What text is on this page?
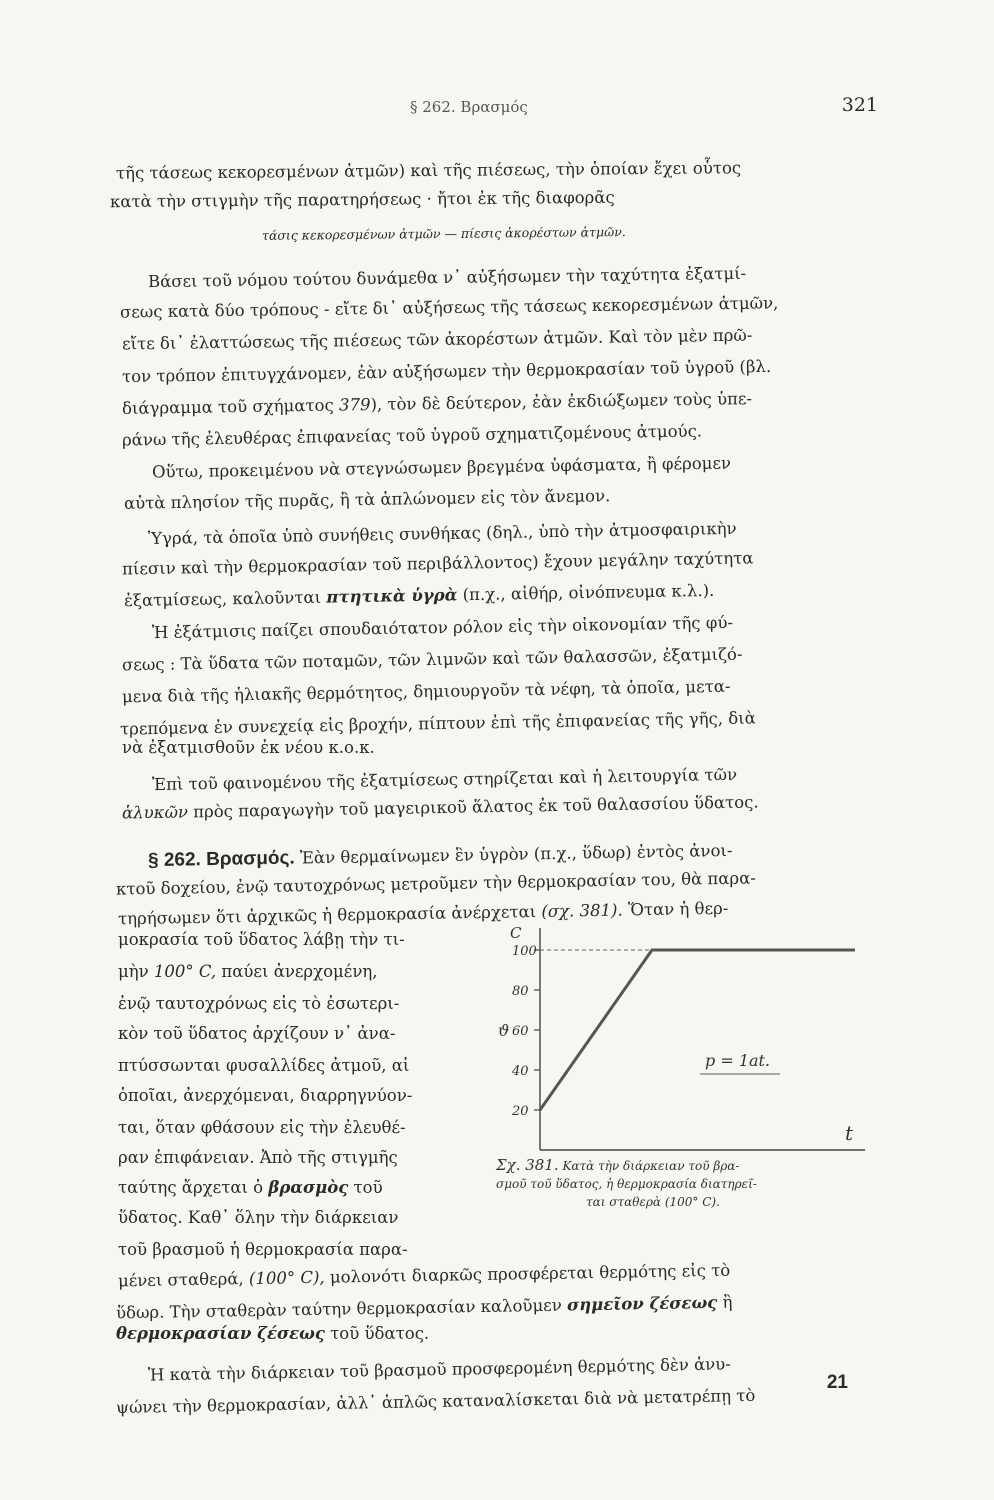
§ 262. Βρασμός	321
τῆς τάσεως κεκορεσμένων ἀτμῶν) καὶ τῆς πιέσεως, τὴν ὁποίαν ἔχει οὗτος
κατὰ τὴν στιγμὴν τῆς παρατηρήσεως · ἤτοι ἐκ τῆς διαφορᾶς
τάσις κεκορεσμένων ἀτμῶν — πίεσις ἀκορέστων ἀτμῶν.
Βάσει τοῦ νόμου τούτου δυνάμεθα ν᾽ αὐξήσωμεν τὴν ταχύτητα ἐξατμί-
σεως κατὰ δύο τρόπους - εἴτε δι᾽ αὐξήσεως τῆς τάσεως κεκορεσμένων ἀτμῶν,
εἴτε δι᾽ ἐλαττώσεως τῆς πιέσεως τῶν ἀκορέστων ἀτμῶν. Καὶ τὸν μὲν πρῶ-
τον τρόπον ἐπιτυγχάνομεν, ἐὰν αὐξήσωμεν τὴν θερμοκρασίαν τοῦ ὑγροῦ (βλ.
διάγραμμα τοῦ σχήματος 379), τὸν δὲ δεύτερον, ἐὰν ἐκδιώξωμεν τοὺς ὑπε-
ράνω τῆς ἐλευθέρας ἐπιφανείας τοῦ ὑγροῦ σχηματιζομένους ἀτμούς.
Οὕτω, προκειμένου νὰ στεγνώσωμεν βρεγμένα ὑφάσματα, ἢ φέρομεν
αὐτὰ πλησίον τῆς πυρᾶς, ἢ τὰ ἁπλώνομεν εἰς τὸν ἄνεμον.
Ὑγρά, τὰ ὁποῖα ὑπὸ συνήθεις συνθήκας (δηλ., ὑπὸ τὴν ἀτμοσφαιρικὴν
πίεσιν καὶ τὴν θερμοκρασίαν τοῦ περιβάλλοντος) ἔχουν μεγάλην ταχύτητα
ἐξατμίσεως, καλοῦνται πτητικὰ ὑγρὰ (π.χ., αἰθήρ, οἰνόπνευμα κ.λ.).
Ἡ ἐξάτμισις παίζει σπουδαιότατον ρόλον εἰς τὴν οἰκονομίαν τῆς φύ-
σεως : Τὰ ὕδατα τῶν ποταμῶν, τῶν λιμνῶν καὶ τῶν θαλασσῶν, ἐξατμιζό-
μενα διὰ τῆς ἡλιακῆς θερμότητος, δημιουργοῦν τὰ νέφη, τὰ ὁποῖα, μετα-
τρεπόμενα ἐν συνεχείᾳ εἰς βροχήν, πίπτουν ἐπὶ τῆς ἐπιφανείας τῆς γῆς, διὰ
νὰ ἐξατμισθοῦν ἐκ νέου κ.ο.κ.
Ἐπὶ τοῦ φαινομένου τῆς ἐξατμίσεως στηρίζεται καὶ ἡ λειτουργία τῶν
ἁλυκῶν πρὸς παραγωγὴν τοῦ μαγειρικοῦ ἅλατος ἐκ τοῦ θαλασσίου ὕδατος.
§ 262. Βρασμός. Ἐὰν θερμαίνωμεν ἓν ὑγρὸν (π.χ., ὕδωρ) ἐντὸς ἀνοι-
κτοῦ δοχείου, ἐνῷ ταυτοχρόνως μετροῦμεν τὴν θερμοκρασίαν του, θὰ παρα-
τηρήσωμεν ὅτι ἀρχικῶς ἡ θερμοκρασία ἀνέρχεται (σχ. 381). Ὅταν ἡ θερ-
μοκρασία τοῦ ὕδατος λάβῃ τὴν τι-
μὴν 100° C, παύει ἀνερχομένη,
ἐνῷ ταυτοχρόνως εἰς τὸ ἐσωτερι-
κὸν τοῦ ὕδατος ἀρχίζουν ν᾽ ἀνα-
πτύσσωνται φυσαλλίδες ἀτμοῦ, αἱ
ὁποῖαι, ἀνερχόμεναι, διαρρηγνύον-
ται, ὅταν φθάσουν εἰς τὴν ἐλευθέ-
ραν ἐπιφάνειαν. Ἀπὸ τῆς στιγμῆς
ταύτης ἄρχεται ὁ βρασμὸς τοῦ
ὕδατος. Καθ᾽ ὅλην τὴν διάρκειαν
τοῦ βρασμοῦ ἡ θερμοκρασία παρα-
μένει σταθερά, (100° C), μολονότι διαρκῶς προσφέρεται θερμότης εἰς τὸ
ὕδωρ. Τὴν σταθερὰν ταύτην θερμοκρασίαν καλοῦμεν σημεῖον ζέσεως ἢ
θερμοκρασίαν ζέσεως τοῦ ὕδατος.
Ἡ κατὰ τὴν διάρκειαν τοῦ βρασμοῦ προσφερομένη θερμότης δὲν ἀνυ-
ψώνει τὴν θερμοκρασίαν, ἀλλ᾽ ἁπλῶς καταναλίσκεται διὰ νὰ μετατρέπῃ τὸ
C
t
ϑ
20
40
60
80
100
p = 1at.
Σχ. 381. Κατὰ τὴν διάρκειαν τοῦ βρα-
σμοῦ τοῦ ὕδατος, ἡ θερμοκρασία διατηρεῖ-
ται σταθερὰ (100° C).
21
